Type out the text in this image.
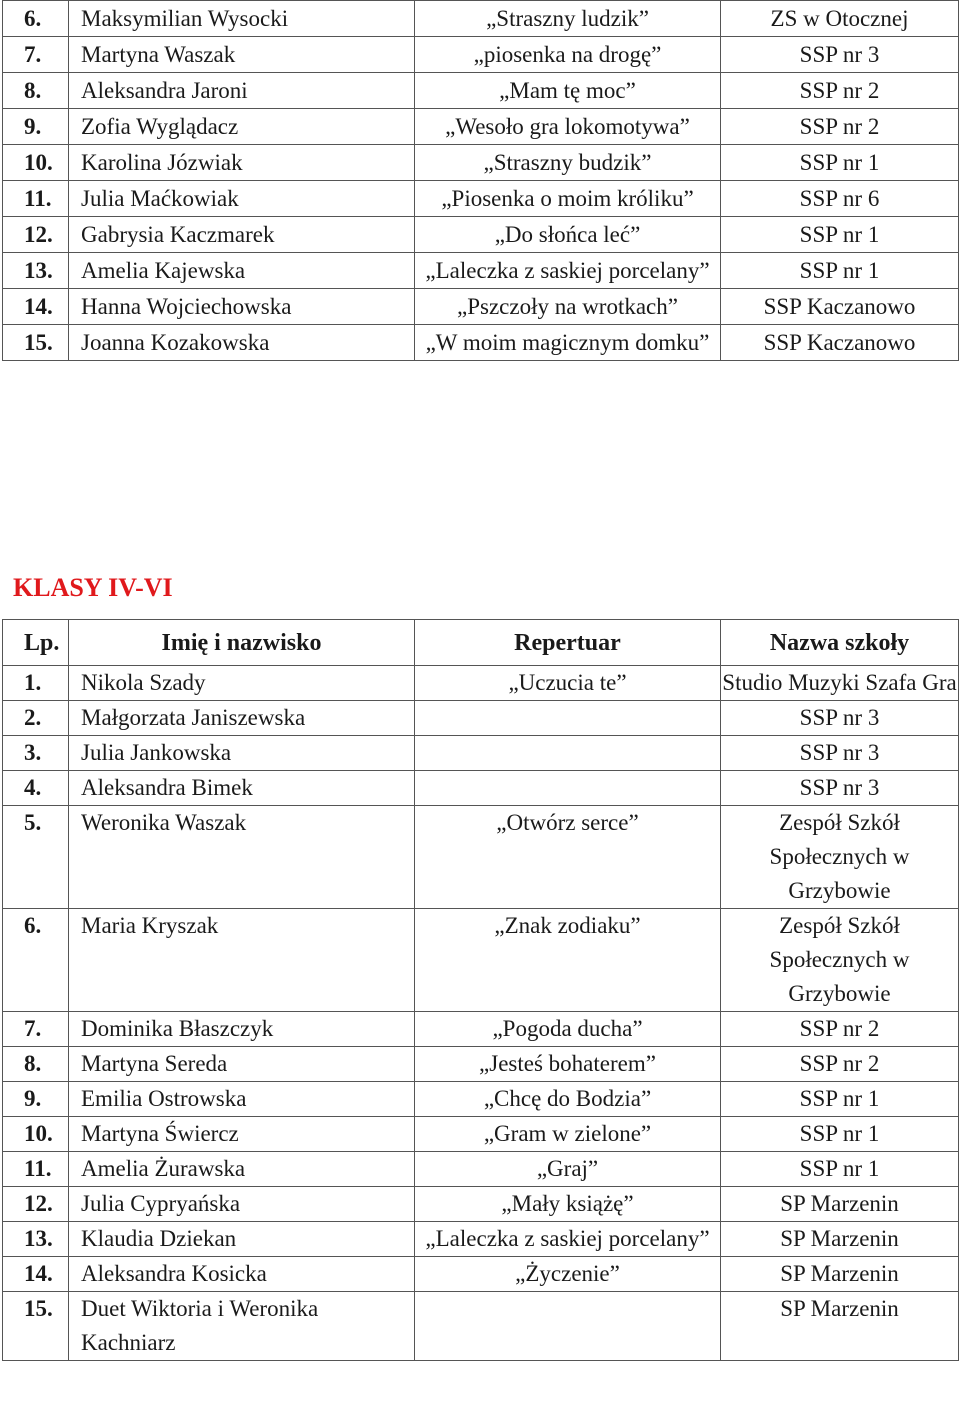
6.	Maksymilian Wysocki	„Straszny ludzik”	ZS w Otocznej
7.	Martyna Waszak	„piosenka na drogę”	SSP nr 3
8.	Aleksandra Jaroni	„Mam tę moc”	SSP nr 2
9.	Zofia Wyglądacz	„Wesoło gra lokomotywa”	SSP nr 2
10.	Karolina Józwiak	„Straszny budzik”	SSP nr 1
11.	Julia Maćkowiak	„Piosenka o moim króliku”	SSP nr 6
12.	Gabrysia Kaczmarek	„Do słońca leć”	SSP nr 1
13.	Amelia Kajewska	„Laleczka z saskiej porcelany”	SSP nr 1
14.	Hanna Wojciechowska	„Pszczoły na wrotkach”	SSP Kaczanowo
15.	Joanna Kozakowska	„W moim magicznym domku”	SSP Kaczanowo
KLASY IV-VI
Lp.	Imię i nazwisko	Repertuar	Nazwa szkoły
1.	Nikola Szady	„Uczucia te”	Studio Muzyki Szafa Gra
2.	Małgorzata Janiszewska		SSP nr 3
3.	Julia Jankowska		SSP nr 3
4.	Aleksandra Bimek		SSP nr 3
5.	Weronika Waszak	„Otwórz serce”	Zespół Szkół Społecznych w Grzybowie
6.	Maria Kryszak	„Znak zodiaku”	Zespół Szkół Społecznych w Grzybowie
7.	Dominika Błaszczyk	„Pogoda ducha”	SSP nr 2
8.	Martyna Sereda	„Jesteś bohaterem”	SSP nr 2
9.	Emilia Ostrowska	„Chcę do Bodzia”	SSP nr 1
10.	Martyna Świercz	„Gram w zielone”	SSP nr 1
11.	Amelia Żurawska	„Graj”	SSP nr 1
12.	Julia Cypryańska	„Mały książę”	SP Marzenin
13.	Klaudia Dziekan	„Laleczka z saskiej porcelany”	SP Marzenin
14.	Aleksandra Kosicka	„Życzenie”	SP Marzenin
15.	Duet Wiktoria i Weronika Kachniarz		SP Marzenin
